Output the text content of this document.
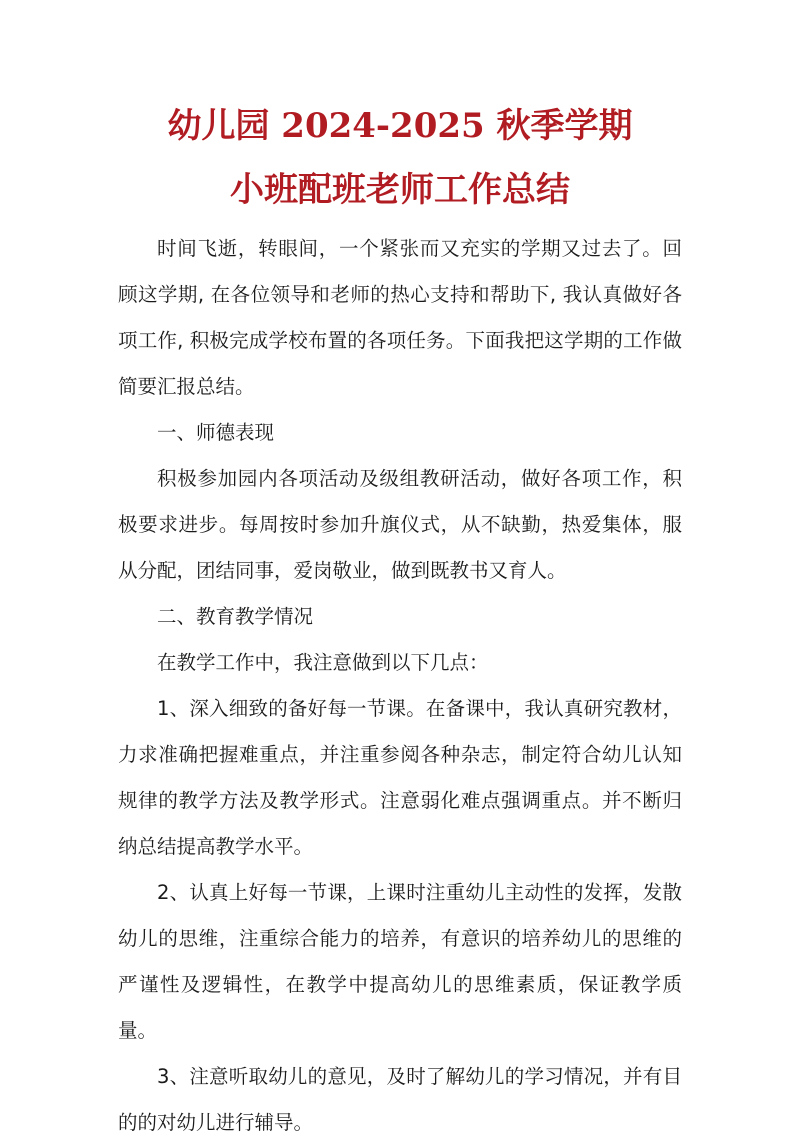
幼儿园 2024-2025 秋季学期
小班配班老师工作总结

时间飞逝，转眼间，一个紧张而又充实的学期又过去了。回顾这学期, 在各位领导和老师的热心支持和帮助下, 我认真做好各项工作, 积极完成学校布置的各项任务。下面我把这学期的工作做简要汇报总结。

一、师德表现

积极参加园内各项活动及级组教研活动，做好各项工作，积极要求进步。每周按时参加升旗仪式，从不缺勤，热爱集体，服从分配，团结同事，爱岗敬业，做到既教书又育人。

二、教育教学情况

在教学工作中，我注意做到以下几点：

1、深入细致的备好每一节课。在备课中，我认真研究教材，力求准确把握难重点，并注重参阅各种杂志，制定符合幼儿认知规律的教学方法及教学形式。注意弱化难点强调重点。并不断归纳总结提高教学水平。

2、认真上好每一节课，上课时注重幼儿主动性的发挥，发散幼儿的思维，注重综合能力的培养，有意识的培养幼儿的思维的严谨性及逻辑性，在教学中提高幼儿的思维素质，保证教学质量。

3、注意听取幼儿的意见，及时了解幼儿的学习情况，并有目的的对幼儿进行辅导。
